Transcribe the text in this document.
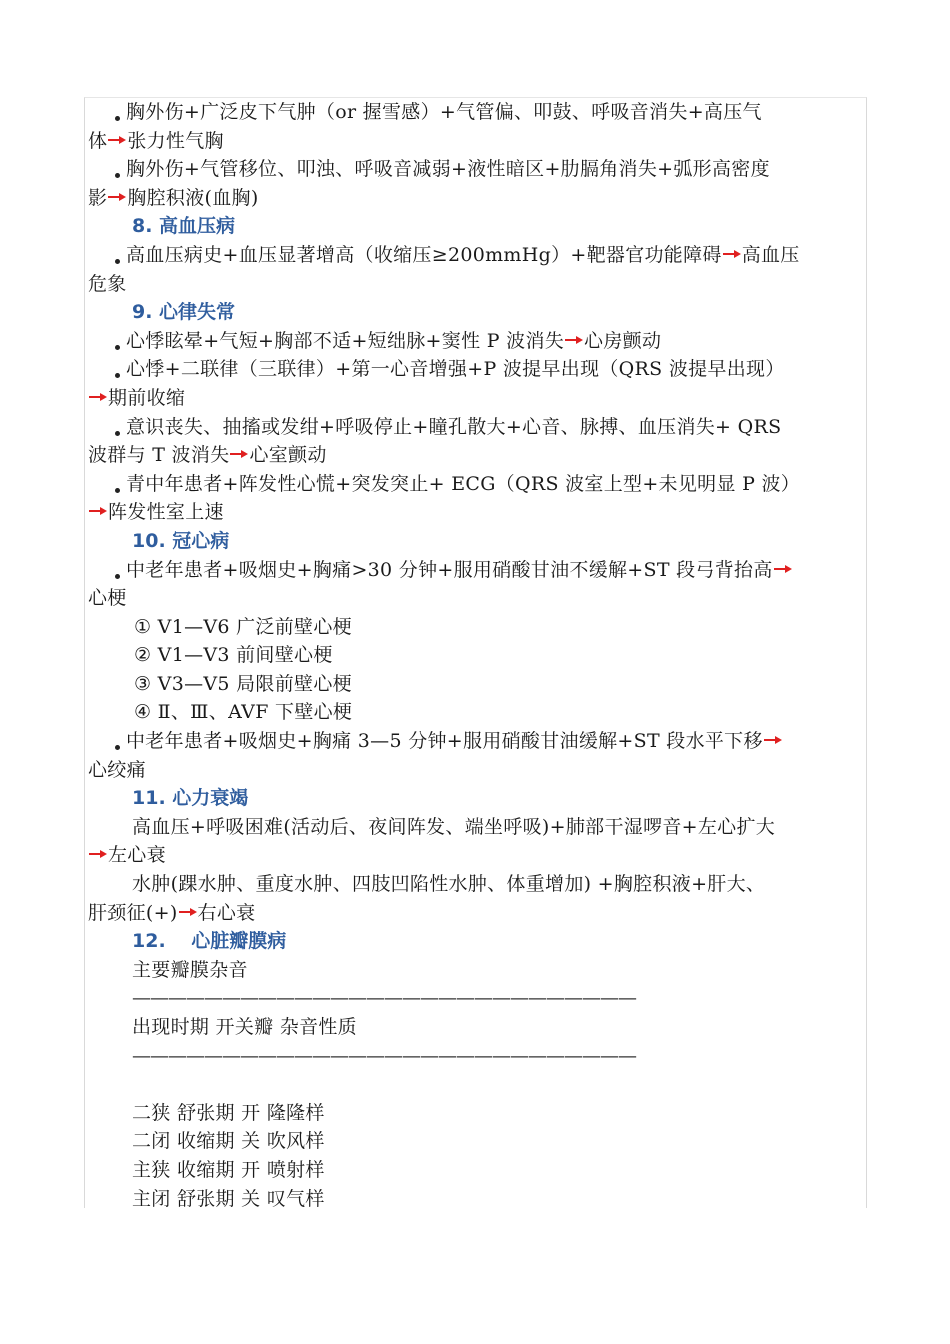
胸外伤+广泛皮下气肿（or 握雪感）+气管偏、叩鼓、呼吸音消失+高压气
体 张力性气胸
胸外伤+气管移位、叩浊、呼吸音减弱+液性暗区+肋膈角消失+弧形高密度
影 胸腔积液(血胸)
8. 高血压病
高血压病史+血压显著增高（收缩压≥200mmHg）+靶器官功能障碍 高血压
危象
9. 心律失常
心悸眩晕+气短+胸部不适+短绌脉+窦性 P 波消失 心房颤动
心悸+二联律（三联律）+第一心音增强+P 波提早出现（QRS 波提早出现）
期前收缩
意识丧失、抽搐或发绀+呼吸停止+瞳孔散大+心音、脉搏、血压消失+ QRS
波群与 T 波消失 心室颤动
青中年患者+阵发性心慌+突发突止+ ECG（QRS 波室上型+未见明显 P 波）
阵发性室上速
10. 冠心病
中老年患者+吸烟史+胸痛>30 分钟+服用硝酸甘油不缓解+ST 段弓背抬高
心梗
① V1—V6 广泛前壁心梗
② V1—V3 前间壁心梗
③ V3—V5 局限前壁心梗
④ Ⅱ、Ⅲ、AVF 下壁心梗
中老年患者+吸烟史+胸痛 3—5 分钟+服用硝酸甘油缓解+ST 段水平下移
心绞痛
11. 心力衰竭
高血压+呼吸困难(活动后、夜间阵发、端坐呼吸)+肺部干湿啰音+左心扩大
左心衰
水肿(踝水肿、重度水肿、四肢凹陷性水肿、体重增加) +胸腔积液+肝大、
肝颈征(+) 右心衰
12.　 心脏瓣膜病
主要瓣膜杂音
————————————————————————————
出现时期 开关瓣 杂音性质
————————————————————————————

二狭 舒张期 开 隆隆样
二闭 收缩期 关 吹风样
主狭 收缩期 开 喷射样
主闭 舒张期 关 叹气样
